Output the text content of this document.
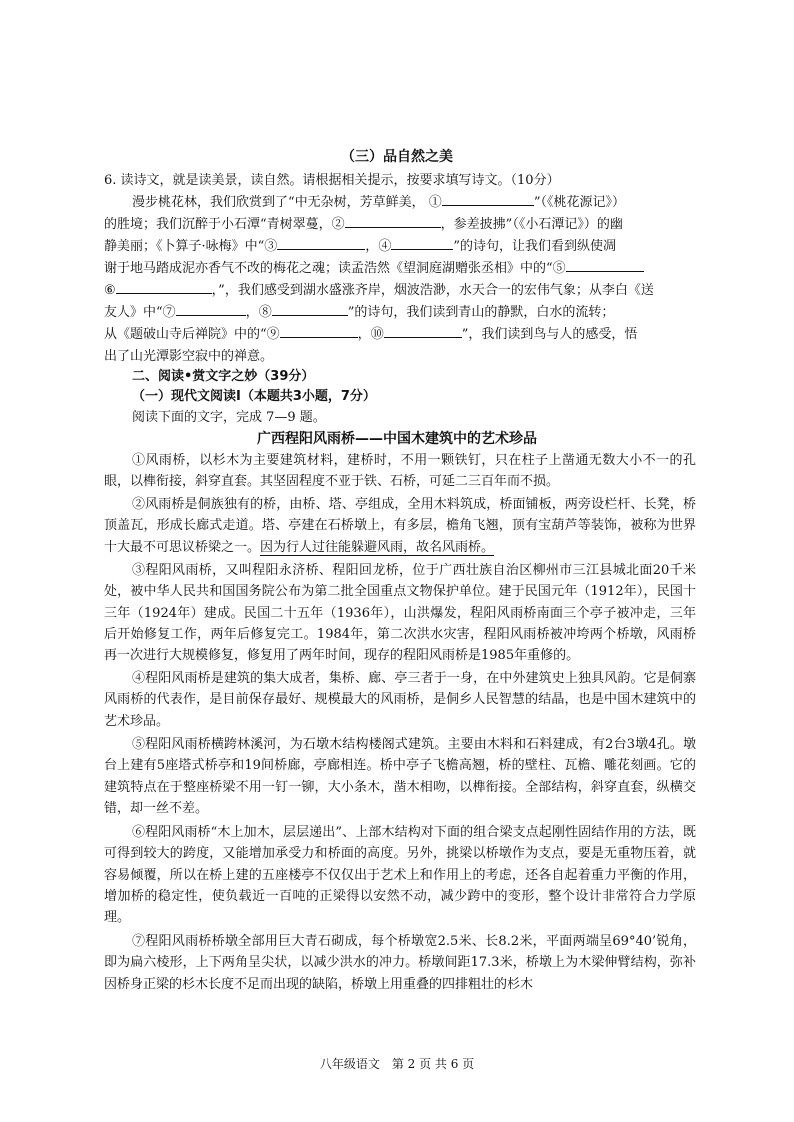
（三）品自然之美
6. 读诗文，就是读美景，读自然。请根据相关提示，按要求填写诗文。（10分）
漫步桃花林，我们欣赏到了“中无杂树，芳草鲜美， ①	”（《桃花源记》）
的胜境；我们沉醉于小石潭“青树翠蔓，②	，参差披拂”（《小石潭记》）的幽
静美丽；《卜算子·咏梅》中“③	，④	”的诗句，让我们看到纵使凋
谢于地马踏成泥亦香气不改的梅花之魂；读孟浩然《望洞庭湖赠张丞相》中的“⑤
⑥	，”，我们感受到湖水盛涨齐岸，烟波浩渺，水天合一的宏伟气象；从李白《送
友人》中“⑦	，⑧	”的诗句，我们读到青山的静默，白水的流转；
从《题破山寺后禅院》中的“⑨	，⑩	”，我们读到鸟与人的感受，悟
出了山光潭影空寂中的禅意。
二、阅读•赏文字之妙（39分）
（一）现代文阅读Ⅰ（本题共3小题，7分）
阅读下面的文字，完成 7—9 题。
广西程阳风雨桥——中国木建筑中的艺术珍品
①风雨桥，以杉木为主要建筑材料，建桥时，不用一颗铁钉，只在柱子上凿通无数大小不一的孔眼，以榫衔接，斜穿直套。其坚固程度不亚于铁、石桥，可延二三百年而不损。
②风雨桥是侗族独有的桥，由桥、塔、亭组成，全用木料筑成，桥面铺板，两旁设栏杆、长凳，桥顶盖瓦，形成长廊式走道。塔、亭建在石桥墩上，有多层，檐角飞翘，顶有宝葫芦等装饰，被称为世界十大最不可思议桥梁之一。因为行人过往能躲避风雨，故名风雨桥。
③程阳风雨桥，又叫程阳永济桥、程阳回龙桥，位于广西壮族自治区柳州市三江县城北面20千米处，被中华人民共和国国务院公布为第二批全国重点文物保护单位。建于民国元年（1912年），民国十三年（1924年）建成。民国二十五年（1936年），山洪爆发，程阳风雨桥南面三个亭子被冲走，三年后开始修复工作，两年后修复完工。1984年，第二次洪水灾害，程阳风雨桥被冲垮两个桥墩，风雨桥再一次进行大规模修复，修复用了两年时间，现存的程阳风雨桥是1985年重修的。
④程阳风雨桥是建筑的集大成者，集桥、廊、亭三者于一身，在中外建筑史上独具风韵。它是侗寨风雨桥的代表作，是目前保存最好、规模最大的风雨桥，是侗乡人民智慧的结晶，也是中国木建筑中的艺术珍品。
⑤程阳风雨桥横跨林溪河，为石墩木结构楼阁式建筑。主要由木料和石料建成，有2台3墩4孔。墩台上建有5座塔式桥亭和19间桥廊，亭廊相连。桥中亭子飞檐高翘，桥的壁柱、瓦檐、雕花刻画。它的建筑特点在于整座桥梁不用一钉一铆，大小条木，凿木相吻，以榫衔接。全部结构，斜穿直套，纵横交错，却一丝不差。
⑥程阳风雨桥“木上加木，层层递出”、上部木结构对下面的组合梁支点起刚性固结作用的方法，既可得到较大的跨度，又能增加承受力和桥面的高度。另外，挑梁以桥墩作为支点，要是无重物压着，就容易倾覆，所以在桥上建的五座楼亭不仅仅出于艺术上和作用上的考虑，还各自起着重力平衡的作用，增加桥的稳定性，使负载近一百吨的正梁得以安然不动，减少跨中的变形，整个设计非常符合力学原理。
⑦程阳风雨桥桥墩全部用巨大青石砌成，每个桥墩宽2.5米、长8.2米，平面两端呈69°40’锐角，即为扁六棱形，上下两角呈尖状，以减少洪水的冲力。桥墩间距17.3米，桥墩上为木梁伸臂结构，弥补因桥身正梁的杉木长度不足而出现的缺陷，桥墩上用重叠的四排粗壮的杉木
八年级语文　第 2 页 共 6 页
